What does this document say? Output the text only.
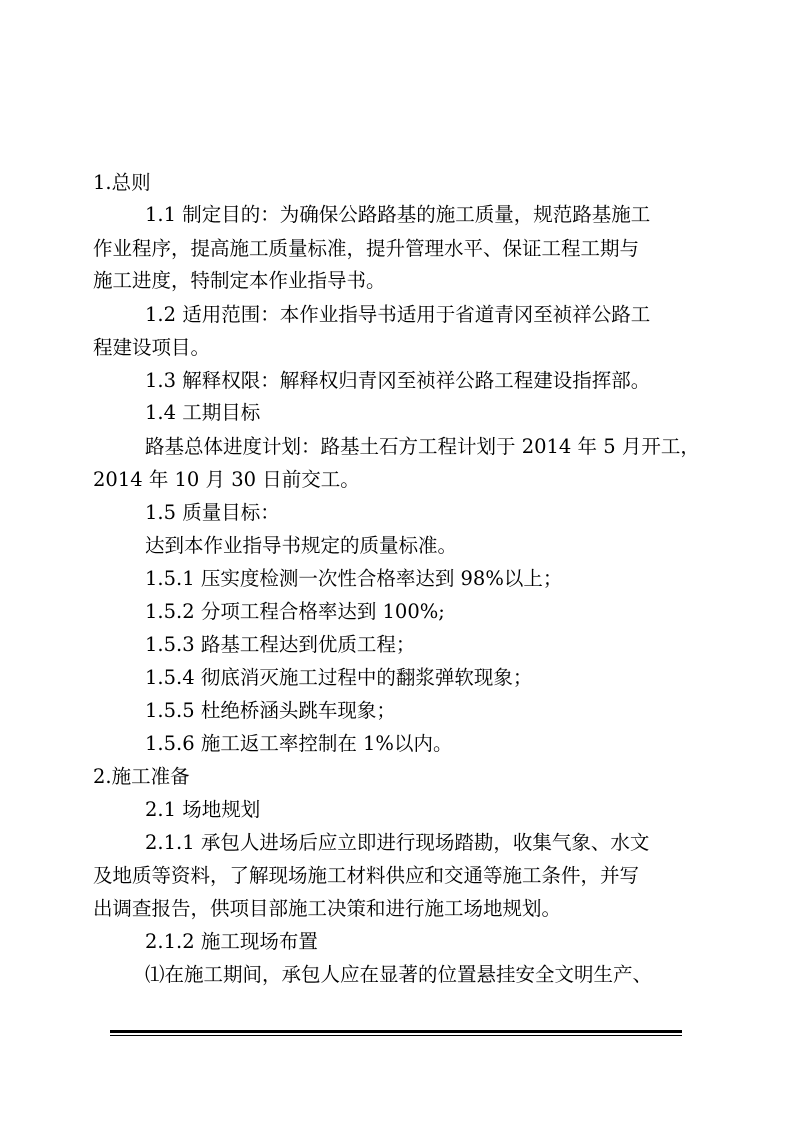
1.总则
1.1 制定目的：为确保公路路基的施工质量，规范路基施工
作业程序，提高施工质量标准，提升管理水平、保证工程工期与
施工进度，特制定本作业指导书。
1.2 适用范围：本作业指导书适用于省道青冈至祯祥公路工
程建设项目。
1.3 解释权限：解释权归青冈至祯祥公路工程建设指挥部。
1.4 工期目标
路基总体进度计划：路基土石方工程计划于 2014 年 5 月开工，
2014 年 10 月 30 日前交工。
1.5 质量目标：
达到本作业指导书规定的质量标准。
1.5.1 压实度检测一次性合格率达到 98%以上；
1.5.2 分项工程合格率达到 100%;
1.5.3 路基工程达到优质工程；
1.5.4 彻底消灭施工过程中的翻浆弹软现象；
1.5.5 杜绝桥涵头跳车现象；
1.5.6 施工返工率控制在 1%以内。
2.施工准备
2.1 场地规划
2.1.1 承包人进场后应立即进行现场踏勘，收集气象、水文
及地质等资料，了解现场施工材料供应和交通等施工条件，并写
出调查报告，供项目部施工决策和进行施工场地规划。
2.1.2 施工现场布置
⑴在施工期间，承包人应在显著的位置悬挂安全文明生产、
